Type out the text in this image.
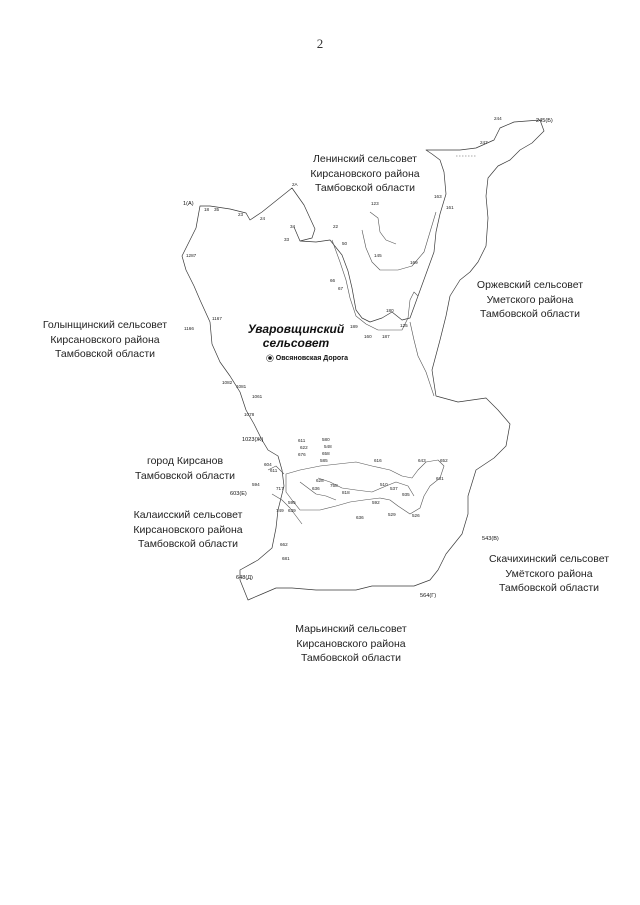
2
1(А)
245(Б)
1023(Ж)
603(Е)
648(Д)
543(В)
564(Г)
18 35
2А
23
24
34
33
22
50
66
67
1287
1167
1166
1082
1081
1078
1061
244
247
123
163
169
145
161
180
125
160 187
189
611
622
676
580
548
658
585	616	643	652
631
604
611
628
636
758
818
510
537
935
592
529	526
636
662
681
639
717
749
595
594
Уваровщинский
сельсовет
◯ Овсяновская Дорога
Ленинский сельсовет
Кирсановского района
Тамбовской области
Оржевский сельсовет
Уметского района
Тамбовской области
Голынщинский сельсовет
Кирсановского района
Тамбовской области
город Кирсанов
Тамбовской области
Калаисский сельсовет
Кирсановского района
Тамбовской области
Скачихинский сельсовет
Умётского района
Тамбовской области
Марьинский сельсовет
Кирсановского района
Тамбовской области
